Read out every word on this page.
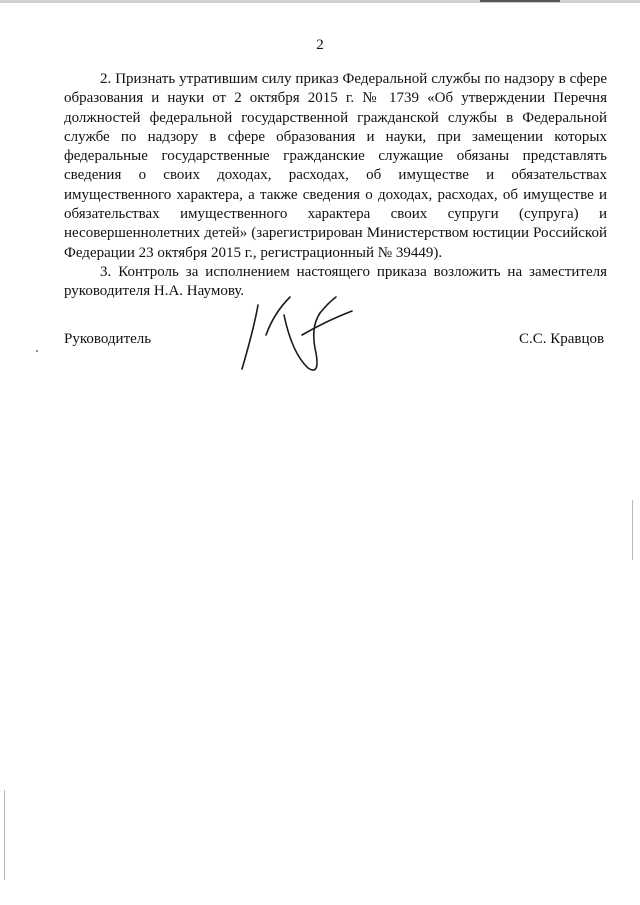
2

2. Признать утратившим силу приказ Федеральной службы по надзору в сфере образования и науки от 2 октября 2015 г. № 1739 «Об утверждении Перечня должностей федеральной государственной гражданской службы в Федеральной службе по надзору в сфере образования и науки, при замещении которых федеральные государственные гражданские служащие обязаны представлять сведения о своих доходах, расходах, об имуществе и обязательствах имущественного характера, а также сведения о доходах, расходах, об имуществе и обязательствах имущественного характера своих супруги (супруга) и несовершеннолетних детей» (зарегистрирован Министерством юстиции Российской Федерации 23 октября 2015 г., регистрационный № 39449).

3. Контроль за исполнением настоящего приказа возложить на заместителя руководителя Н.А. Наумову.

Руководитель	С.С. Кравцов
